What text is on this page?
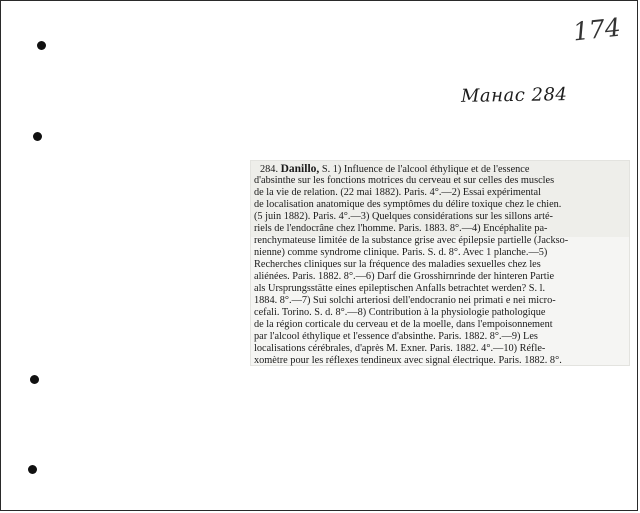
174
Манас 284
284. Danillo, S. 1) Influence de l'alcool éthylique et de l'essence
d'absinthe sur les fonctions motrices du cerveau et sur celles des muscles
de la vie de relation. (22 mai 1882). Paris. 4°.—2) Essai expérimental
de localisation anatomique des symptômes du délire toxique chez le chien.
(5 juin 1882). Paris. 4°.—3) Quelques considérations sur les sillons arté-
riels de l'endocrâne chez l'homme. Paris. 1883. 8°.—4) Encéphalite pa-
renchymateuse limitée de la substance grise avec épilepsie partielle (Jackso-
nienne) comme syndrome clinique. Paris. S. d. 8°. Avec 1 planche.—5)
Recherches cliniques sur la fréquence des maladies sexuelles chez les
aliénées. Paris. 1882. 8°.—6) Darf die Grosshirnrinde der hinteren Partie
als Ursprungsstätte eines epileptischen Anfalls betrachtet werden? S. l.
1884. 8°.—7) Sui solchi arteriosi dell'endocranio nei primati e nei micro-
cefali. Torino. S. d. 8°.—8) Contribution à la physiologie pathologique
de la région corticale du cerveau et de la moelle, dans l'empoisonnement
par l'alcool éthylique et l'essence d'absinthe. Paris. 1882. 8°.—9) Les
localisations cérébrales, d'après M. Exner. Paris. 1882. 4°.—10) Réfle-
xomètre pour les réflexes tendineux avec signal électrique. Paris. 1882. 8°.
